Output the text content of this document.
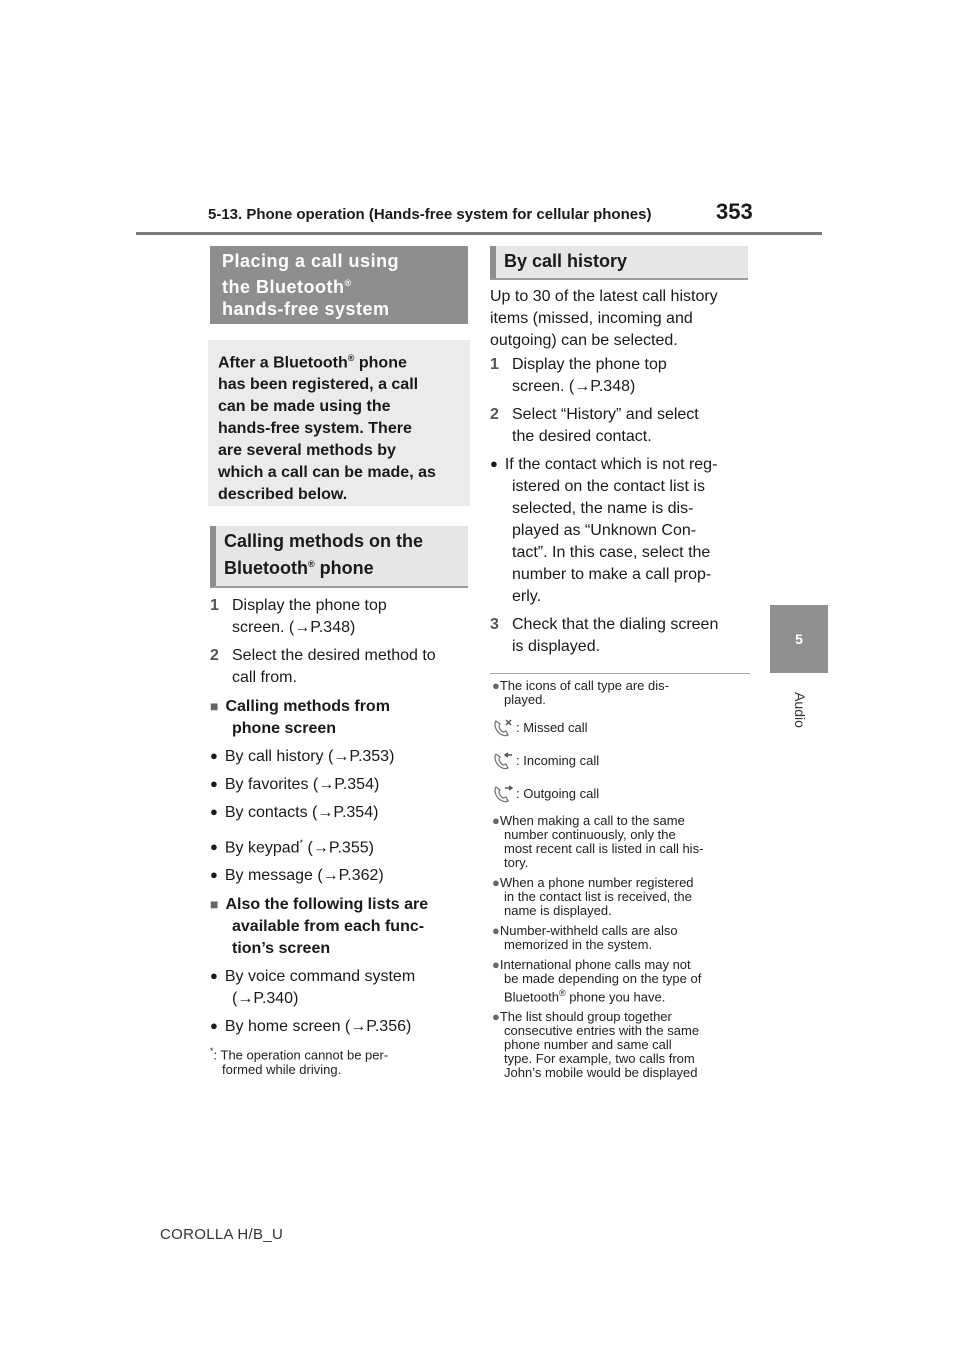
5-13. Phone operation (Hands-free system for cellular phones)	353
5
Audio
Placing a call using
the Bluetooth®
hands-free system
After a Bluetooth® phone
has been registered, a call
can be made using the
hands-free system. There
are several methods by
which a call can be made, as
described below.
Calling methods on the
Bluetooth® phone
1 Display the phone top
screen. (→P.348)
2 Select the desired method to
call from.
■ Calling methods from
phone screen
● By call history (→P.353)
● By favorites (→P.354)
● By contacts (→P.354)
● By keypad* (→P.355)
● By message (→P.362)
■ Also the following lists are
available from each func-
tion’s screen
● By voice command system
(→P.340)
● By home screen (→P.356)
*: The operation cannot be per-
formed while driving.
By call history
Up to 30 of the latest call history
items (missed, incoming and
outgoing) can be selected.
1 Display the phone top
screen. (→P.348)
2 Select “History” and select
the desired contact.
● If the contact which is not reg-
istered on the contact list is
selected, the name is dis-
played as “Unknown Con-
tact”. In this case, select the
number to make a call prop-
erly.
3 Check that the dialing screen
is displayed.
●The icons of call type are dis-
played.
: Missed call
: Incoming call
: Outgoing call
●When making a call to the same
number continuously, only the
most recent call is listed in call his-
tory.
●When a phone number registered
in the contact list is received, the
name is displayed.
●Number-withheld calls are also
memorized in the system.
●International phone calls may not
be made depending on the type of
Bluetooth® phone you have.
●The list should group together
consecutive entries with the same
phone number and same call
type. For example, two calls from
John’s mobile would be displayed
COROLLA H/B_U
